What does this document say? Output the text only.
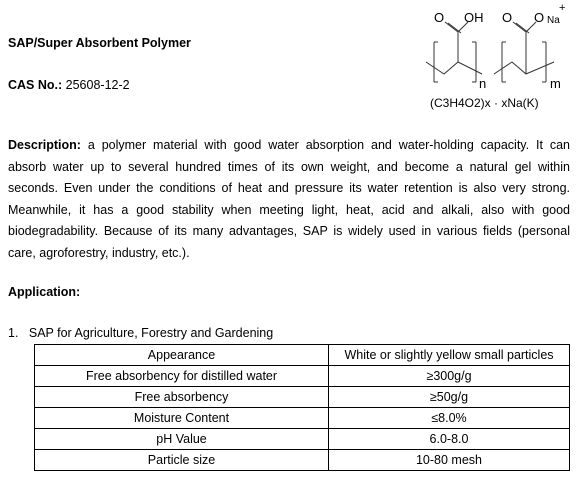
SAP/Super Absorbent Polymer
CAS No.: 25608-12-2
O OH O O Na
+
n	m
(C3H4O2)x · xNa(K)
Description: a polymer material with good water absorption and water-holding capacity. It can absorb water up to several hundred times of its own weight, and become a natural gel within seconds. Even under the conditions of heat and pressure its water retention is also very strong. Meanwhile, it has a good stability when meeting light, heat, acid and alkali, also with good biodegradability. Because of its many advantages, SAP is widely used in various fields (personal care, agroforestry, industry, etc.).
Application:
1. SAP for Agriculture, Forestry and Gardening
Appearance	White or slightly yellow small particles
Free absorbency for distilled water	≥300g/g
Free absorbency	≥50g/g
Moisture Content	≤8.0%
pH Value	6.0-8.0
Particle size	10-80 mesh
